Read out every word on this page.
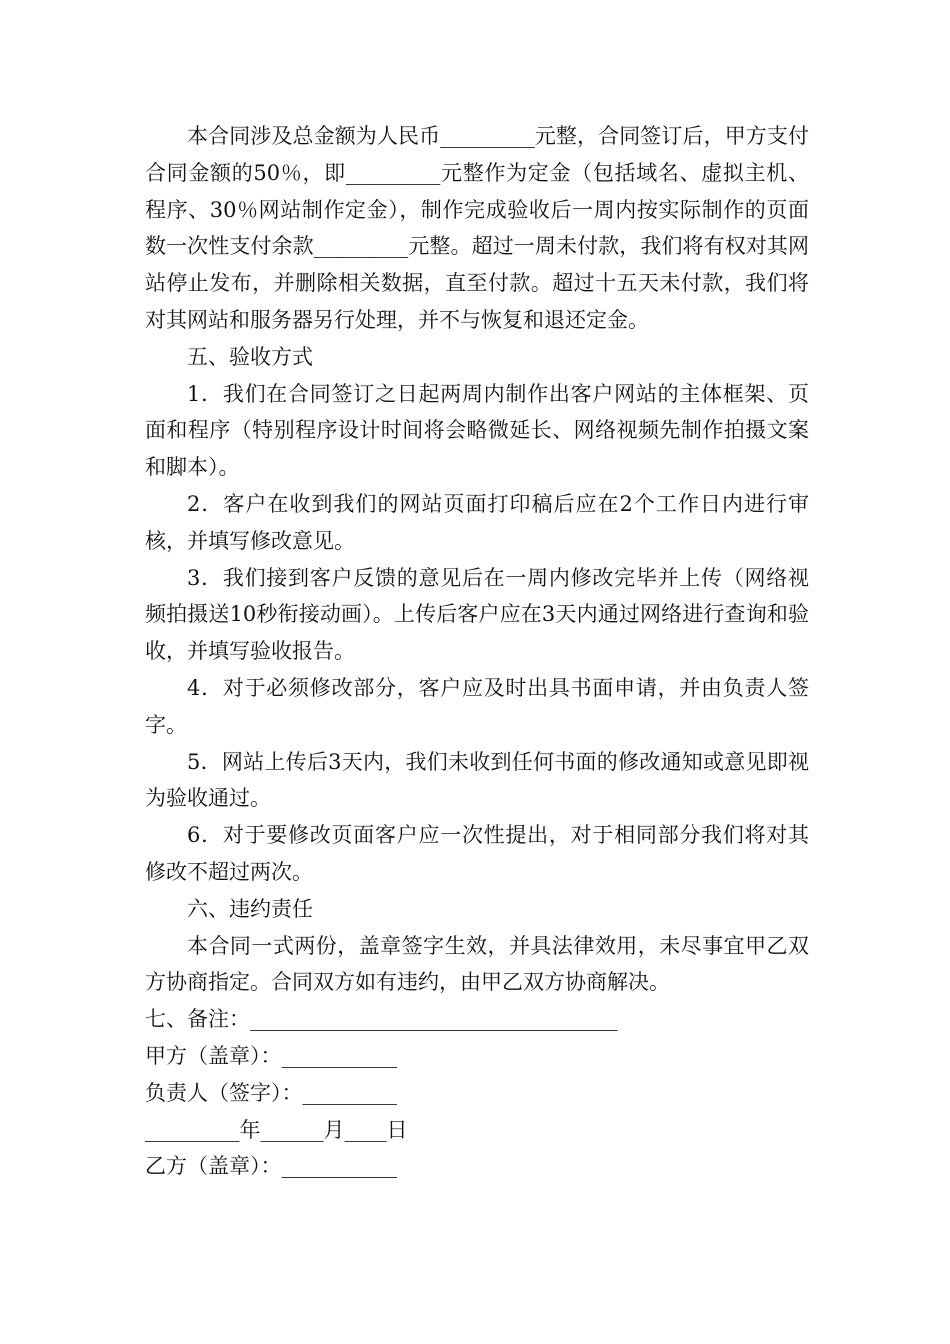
本合同涉及总金额为人民币_________元整，合同签订后，甲方支付合同金额的50％，即_________元整作为定金（包括域名、虚拟主机、程序、30％网站制作定金），制作完成验收后一周内按实际制作的页面数一次性支付余款_________元整。超过一周未付款，我们将有权对其网站停止发布，并删除相关数据，直至付款。超过十五天未付款，我们将对其网站和服务器另行处理，并不与恢复和退还定金。

五、验收方式

1．我们在合同签订之日起两周内制作出客户网站的主体框架、页面和程序（特别程序设计时间将会略微延长、网络视频先制作拍摄文案和脚本）。

2．客户在收到我们的网站页面打印稿后应在2个工作日内进行审核，并填写修改意见。

3．我们接到客户反馈的意见后在一周内修改完毕并上传（网络视频拍摄送10秒衔接动画）。上传后客户应在3天内通过网络进行查询和验收，并填写验收报告。

4．对于必须修改部分，客户应及时出具书面申请，并由负责人签字。

5．网站上传后3天内，我们未收到任何书面的修改通知或意见即视为验收通过。

6．对于要修改页面客户应一次性提出，对于相同部分我们将对其修改不超过两次。

六、违约责任

本合同一式两份，盖章签字生效，并具法律效用，未尽事宜甲乙双方协商指定。合同双方如有违约，由甲乙双方协商解决。

七、备注：___________________________________

甲方（盖章）：___________

负责人（签字）：_________

_________年______月____日

乙方（盖章）：___________
